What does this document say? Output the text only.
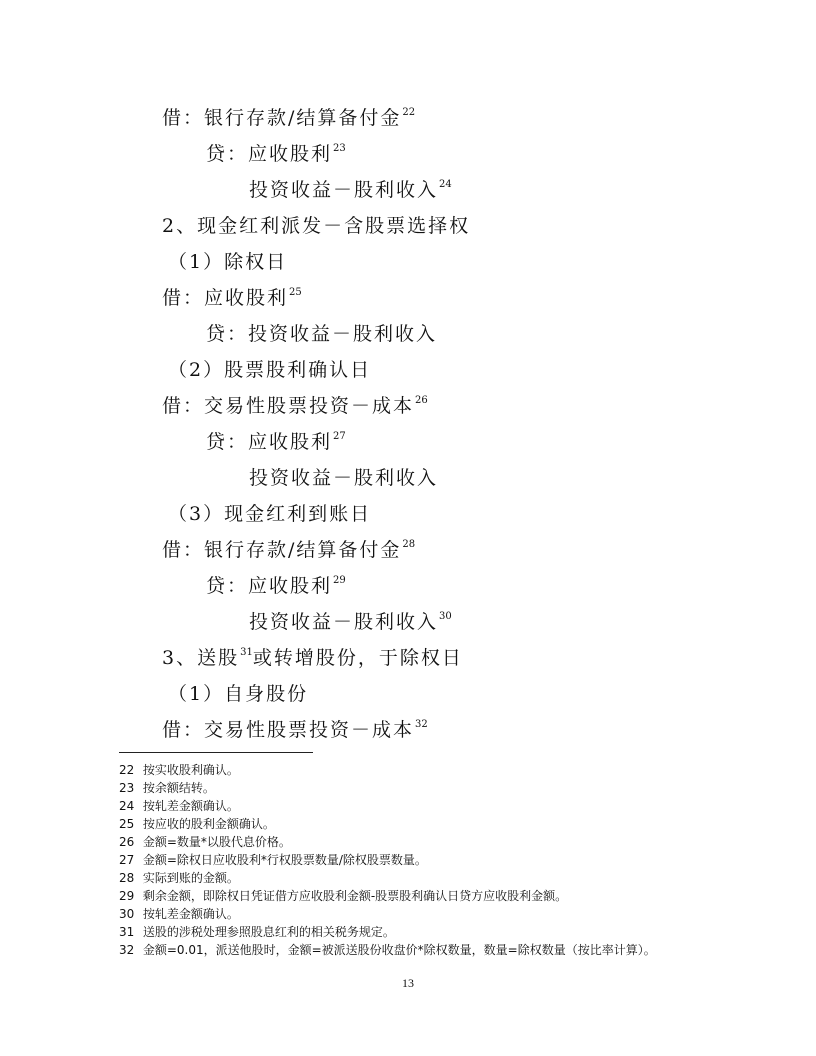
借：银行存款/结算备付金$^{22}$
贷：应收股利$^{23}$
投资收益－股利收入$^{24}$
2、现金红利派发－含股票选择权
（1）除权日
借：应收股利$^{25}$
贷：投资收益－股利收入
（2）股票股利确认日
借：交易性股票投资－成本$^{26}$
贷：应收股利$^{27}$
投资收益－股利收入
（3）现金红利到账日
借：银行存款/结算备付金$^{28}$
贷：应收股利$^{29}$
投资收益－股利收入$^{30}$
3、送股$^{31}$或转增股份，于除权日
（1）自身股份
借：交易性股票投资－成本$^{32}$
22 按实收股利确认。
23 按余额结转。
24 按轧差金额确认。
25 按应收的股利金额确认。
26 金额=数量*以股代息价格。
27 金额=除权日应收股利*行权股票数量/除权股票数量。
28 实际到账的金额。
29 剩余金额，即除权日凭证借方应收股利金额-股票股利确认日贷方应收股利金额。
30 按轧差金额确认。
31 送股的涉税处理参照股息红利的相关税务规定。
32 金额=0.01，派送他股时，金额=被派送股份收盘价*除权数量，数量=除权数量（按比率计算）。
13
